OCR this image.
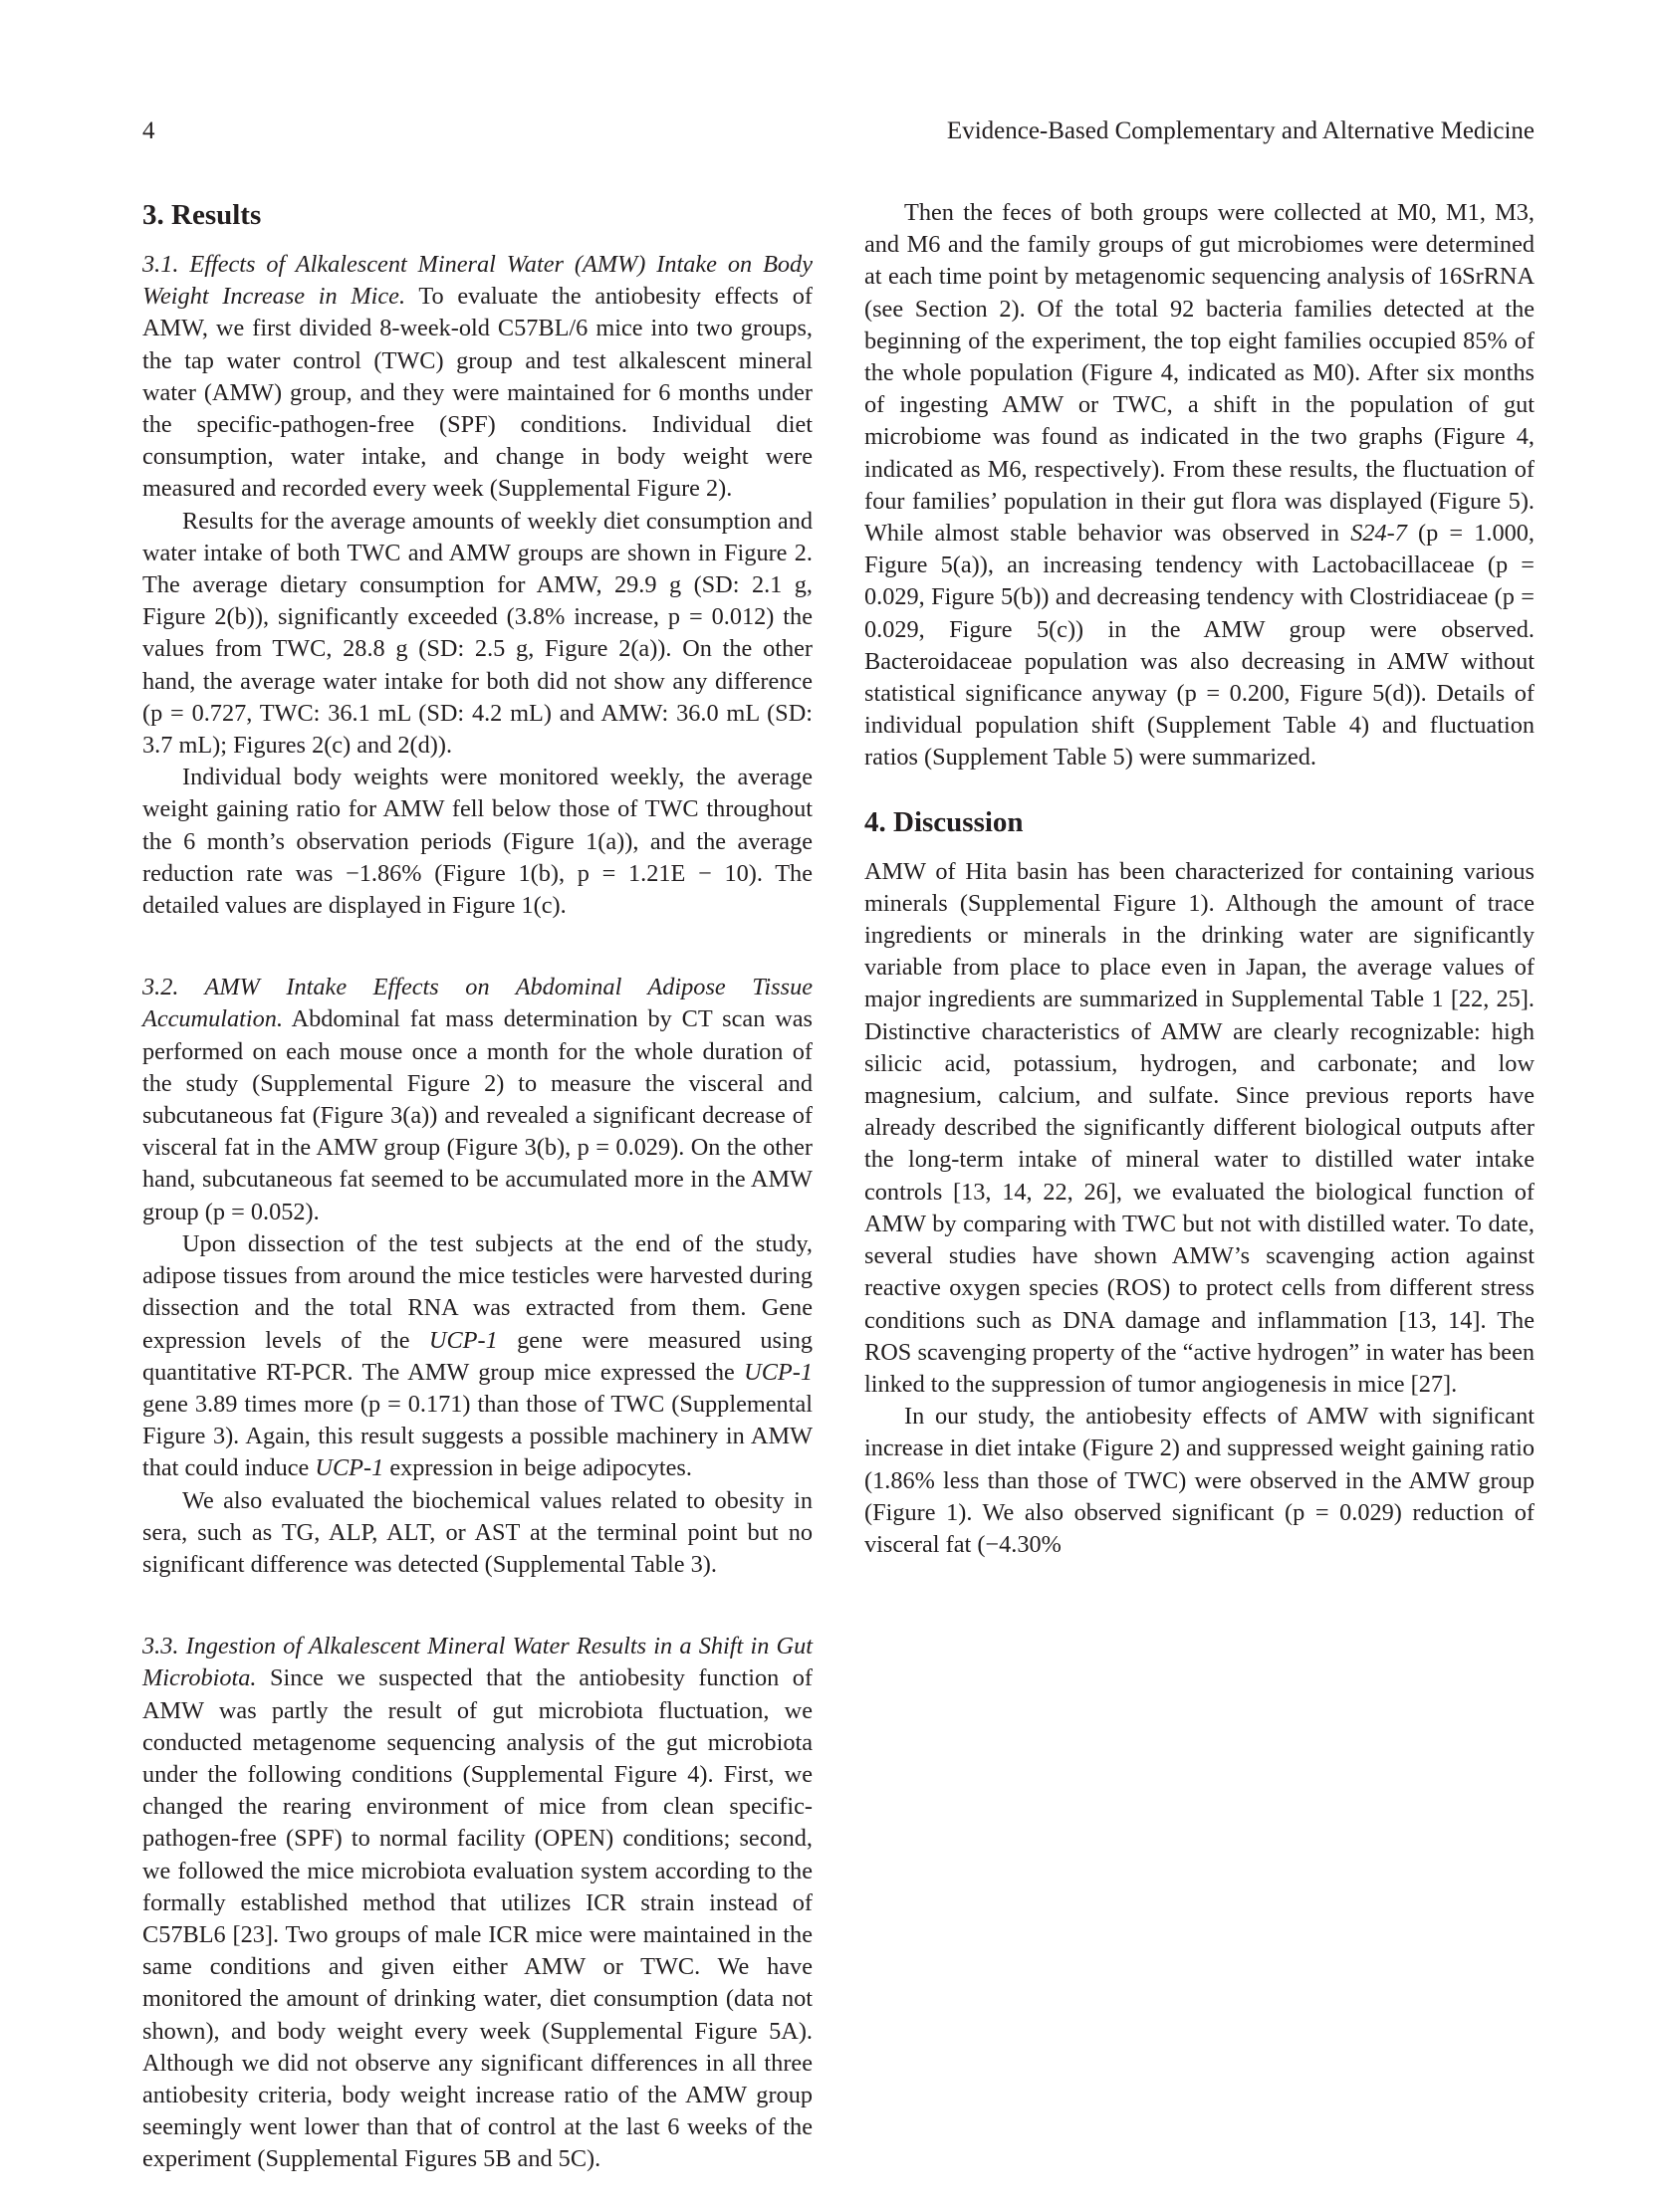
4	Evidence-Based Complementary and Alternative Medicine
3. Results

3.1. Effects of Alkalescent Mineral Water (AMW) Intake on Body Weight Increase in Mice. To evaluate the antiobesity effects of AMW, we first divided 8-week-old C57BL/6 mice into two groups, the tap water control (TWC) group and test alkalescent mineral water (AMW) group, and they were maintained for 6 months under the specific-pathogen-free (SPF) conditions. Individual diet consumption, water intake, and change in body weight were measured and recorded every week (Supplemental Figure 2).

Results for the average amounts of weekly diet consumption and water intake of both TWC and AMW groups are shown in Figure 2. The average dietary consumption for AMW, 29.9 g (SD: 2.1 g, Figure 2(b)), significantly exceeded (3.8% increase, p = 0.012) the values from TWC, 28.8 g (SD: 2.5 g, Figure 2(a)). On the other hand, the average water intake for both did not show any difference (p = 0.727, TWC: 36.1 mL (SD: 4.2 mL) and AMW: 36.0 mL (SD: 3.7 mL); Figures 2(c) and 2(d)).

Individual body weights were monitored weekly, the average weight gaining ratio for AMW fell below those of TWC throughout the 6 month’s observation periods (Figure 1(a)), and the average reduction rate was −1.86% (Figure 1(b), p = 1.21E − 10). The detailed values are displayed in Figure 1(c).

3.2. AMW Intake Effects on Abdominal Adipose Tissue Accumulation. Abdominal fat mass determination by CT scan was performed on each mouse once a month for the whole duration of the study (Supplemental Figure 2) to measure the visceral and subcutaneous fat (Figure 3(a)) and revealed a significant decrease of visceral fat in the AMW group (Figure 3(b), p = 0.029). On the other hand, subcutaneous fat seemed to be accumulated more in the AMW group (p = 0.052).

Upon dissection of the test subjects at the end of the study, adipose tissues from around the mice testicles were harvested during dissection and the total RNA was extracted from them. Gene expression levels of the UCP-1 gene were measured using quantitative RT-PCR. The AMW group mice expressed the UCP-1 gene 3.89 times more (p = 0.171) than those of TWC (Supplemental Figure 3). Again, this result suggests a possible machinery in AMW that could induce UCP-1 expression in beige adipocytes.

We also evaluated the biochemical values related to obesity in sera, such as TG, ALP, ALT, or AST at the terminal point but no significant difference was detected (Supplemental Table 3).

3.3. Ingestion of Alkalescent Mineral Water Results in a Shift in Gut Microbiota. Since we suspected that the antiobesity function of AMW was partly the result of gut microbiota fluctuation, we conducted metagenome sequencing analysis of the gut microbiota under the following conditions (Supplemental Figure 4). First, we changed the rearing environment of mice from clean specific-pathogen-free (SPF) to normal facility (OPEN) conditions; second, we followed the mice microbiota evaluation system according to the formally established method that utilizes ICR strain instead of C57BL6 [23]. Two groups of male ICR mice were maintained in the same conditions and given either AMW or TWC. We have monitored the amount of drinking water, diet consumption (data not shown), and body weight every week (Supplemental Figure 5A). Although we did not observe any significant differences in all three antiobesity criteria, body weight increase ratio of the AMW group seemingly went lower than that of control at the last 6 weeks of the experiment (Supplemental Figures 5B and 5C).

Then the feces of both groups were collected at M0, M1, M3, and M6 and the family groups of gut microbiomes were determined at each time point by metagenomic sequencing analysis of 16SrRNA (see Section 2). Of the total 92 bacteria families detected at the beginning of the experiment, the top eight families occupied 85% of the whole population (Figure 4, indicated as M0). After six months of ingesting AMW or TWC, a shift in the population of gut microbiome was found as indicated in the two graphs (Figure 4, indicated as M6, respectively). From these results, the fluctuation of four families’ population in their gut flora was displayed (Figure 5). While almost stable behavior was observed in S24-7 (p = 1.000, Figure 5(a)), an increasing tendency with Lactobacillaceae (p = 0.029, Figure 5(b)) and decreasing tendency with Clostridiaceae (p = 0.029, Figure 5(c)) in the AMW group were observed. Bacteroidaceae population was also decreasing in AMW without statistical significance anyway (p = 0.200, Figure 5(d)). Details of individual population shift (Supplement Table 4) and fluctuation ratios (Supplement Table 5) were summarized.

4. Discussion

AMW of Hita basin has been characterized for containing various minerals (Supplemental Figure 1). Although the amount of trace ingredients or minerals in the drinking water are significantly variable from place to place even in Japan, the average values of major ingredients are summarized in Supplemental Table 1 [22, 25]. Distinctive characteristics of AMW are clearly recognizable: high silicic acid, potassium, hydrogen, and carbonate; and low magnesium, calcium, and sulfate. Since previous reports have already described the significantly different biological outputs after the long-term intake of mineral water to distilled water intake controls [13, 14, 22, 26], we evaluated the biological function of AMW by comparing with TWC but not with distilled water. To date, several studies have shown AMW’s scavenging action against reactive oxygen species (ROS) to protect cells from different stress conditions such as DNA damage and inflammation [13, 14]. The ROS scavenging property of the “active hydrogen” in water has been linked to the suppression of tumor angiogenesis in mice [27].

In our study, the antiobesity effects of AMW with significant increase in diet intake (Figure 2) and suppressed weight gaining ratio (1.86% less than those of TWC) were observed in the AMW group (Figure 1). We also observed significant (p = 0.029) reduction of visceral fat (−4.30%
